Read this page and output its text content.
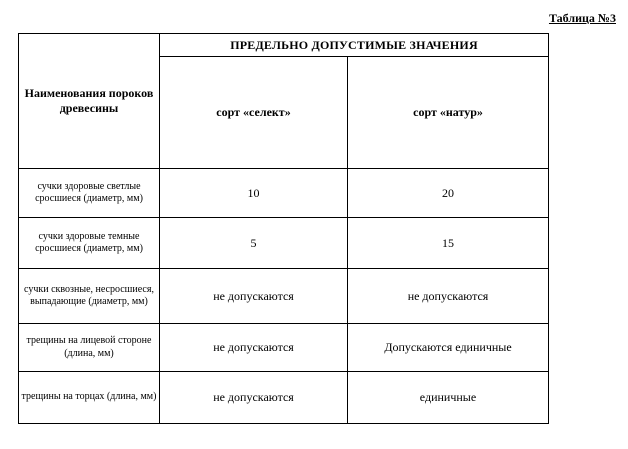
Таблица №3
Наименования пороков древесины	ПРЕДЕЛЬНО ДОПУСТИМЫЕ ЗНАЧЕНИЯ	
	сорт «селект»	сорт «натур»
сучки здоровые светлые сросшиеся (диаметр, мм)	10	20
сучки здоровые темные сросшиеся (диаметр, мм)	5	15
сучки сквозные, несросшиеся, выпадающие (диаметр, мм)	не допускаются	не допускаются
трещины на лицевой стороне (длина, мм)	не допускаются	Допускаются единичные
трещины на торцах (длина, мм)	не допускаются	единичные
